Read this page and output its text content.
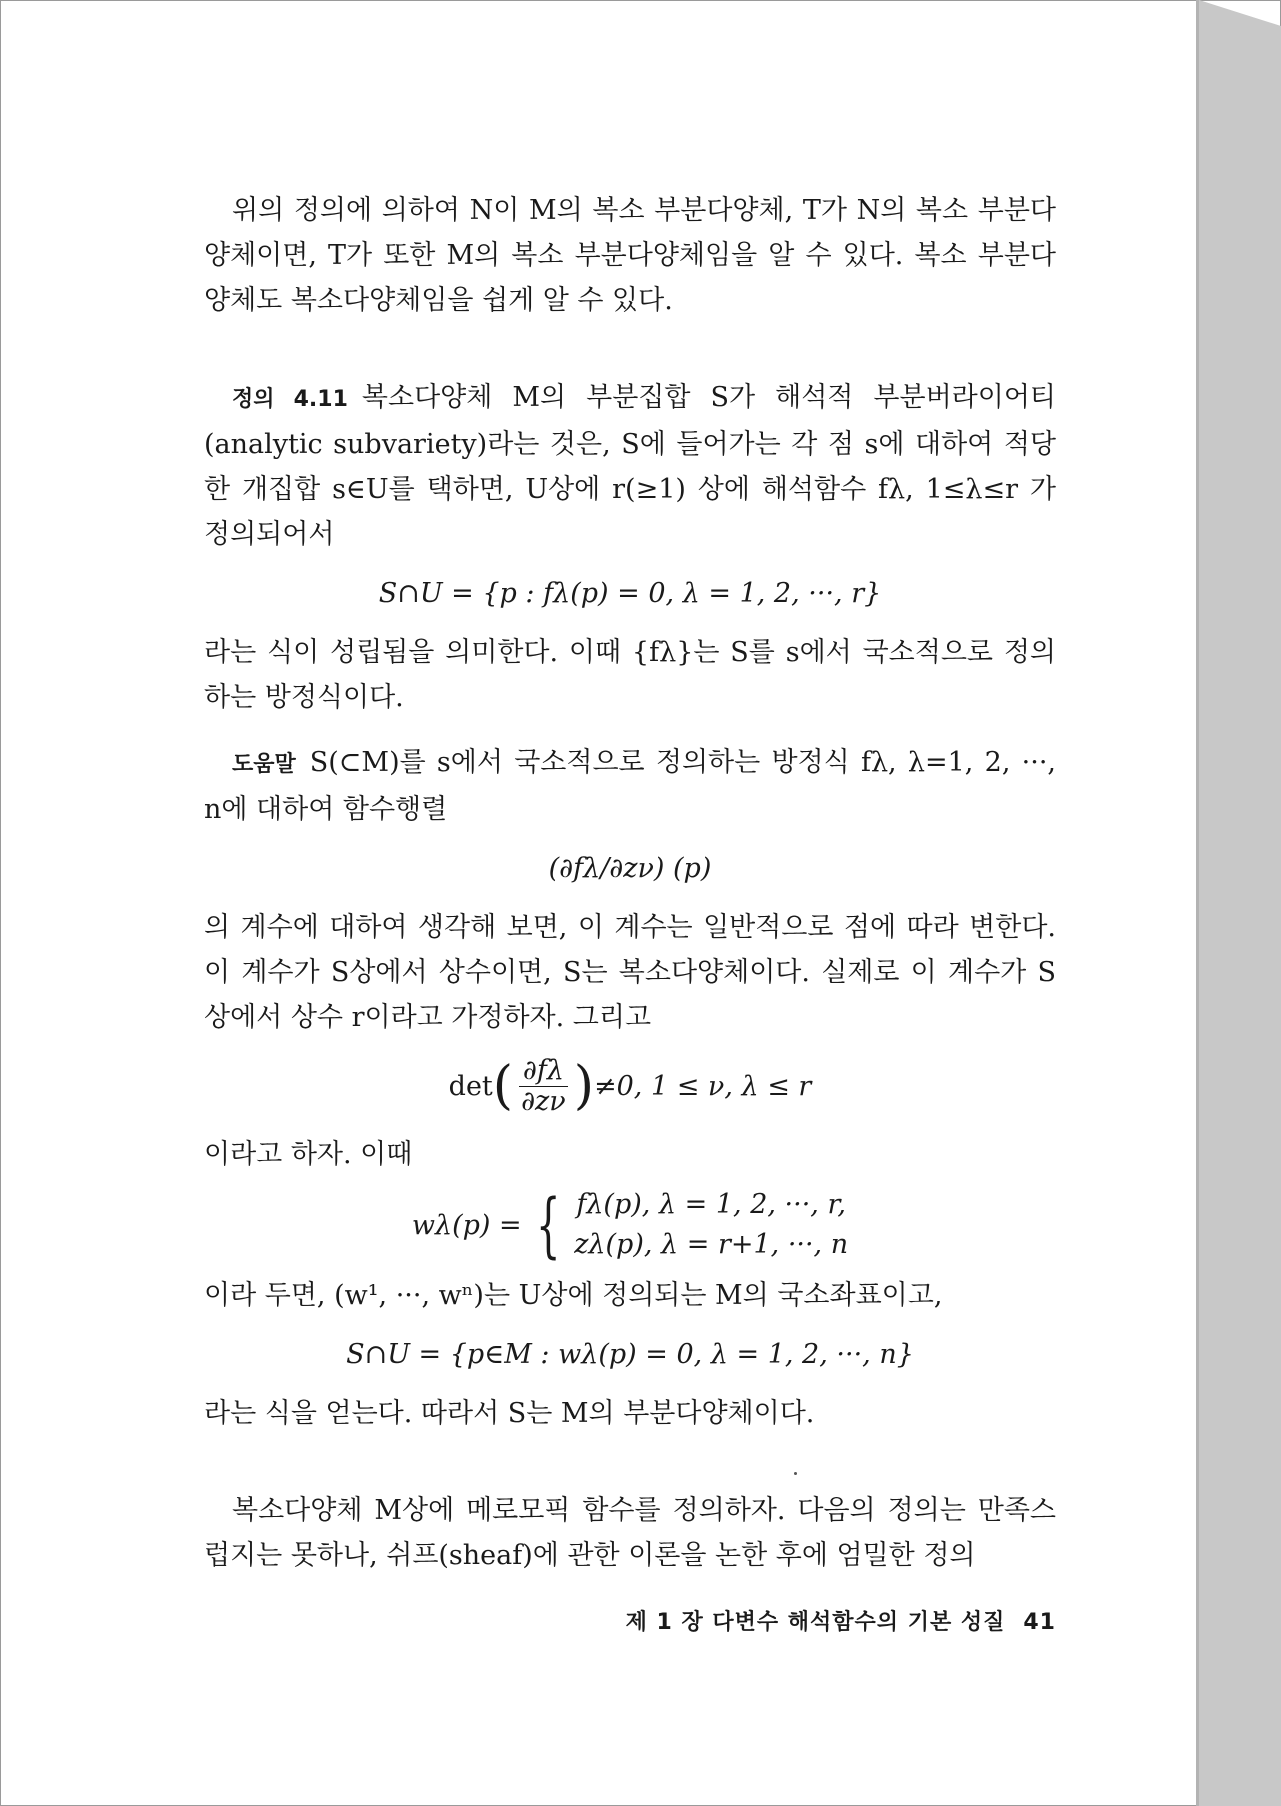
위의 정의에 의하여 N이 M의 복소 부분다양체, T가 N의 복소 부분다양체이면, T가 또한 M의 복소 부분다양체임을 알 수 있다. 복소 부분다양체도 복소다양체임을 쉽게 알 수 있다.

정의 4.11 복소다양체 M의 부분집합 S가 해석적 부분버라이어티(analytic subvariety)라는 것은, S에 들어가는 각 점 s에 대하여 적당한 개집합 s∈U를 택하면, U상에 r(≥1) 상에 해석함수 fλ, 1≤λ≤r 가 정의되어서

S∩U = {p : fλ(p) = 0, λ = 1, 2, ···, r}

라는 식이 성립됨을 의미한다. 이때 {fλ}는 S를 s에서 국소적으로 정의하는 방정식이다.

도움말 S(⊂M)를 s에서 국소적으로 정의하는 방정식 fλ, λ=1, 2, ···, n에 대하여 함수행렬

(∂fλ/∂zν) (p)

의 계수에 대하여 생각해 보면, 이 계수는 일반적으로 점에 따라 변한다. 이 계수가 S상에서 상수이면, S는 복소다양체이다. 실제로 이 계수가 S상에서 상수 r이라고 가정하자. 그리고

det ( $\frac{\partial f\lambda}{\partial z\nu}$ ) ≠0, 1 ≤ ν, λ ≤ r

이라고 하자. 이때

wλ(p) = { fλ(p), λ = 1, 2, ···, r,
zλ(p), λ = r+1, ···, n

이라 두면, (w¹, ···, wⁿ)는 U상에 정의되는 M의 국소좌표이고,

S∩U = {p∈M : wλ(p) = 0, λ = 1, 2, ···, n}

라는 식을 얻는다. 따라서 S는 M의 부분다양체이다.

복소다양체 M상에 메로모픽 함수를 정의하자. 다음의 정의는 만족스럽지는 못하나, 쉬프(sheaf)에 관한 이론을 논한 후에 엄밀한 정의

제 1 장 다변수 해석함수의 기본 성질 41
